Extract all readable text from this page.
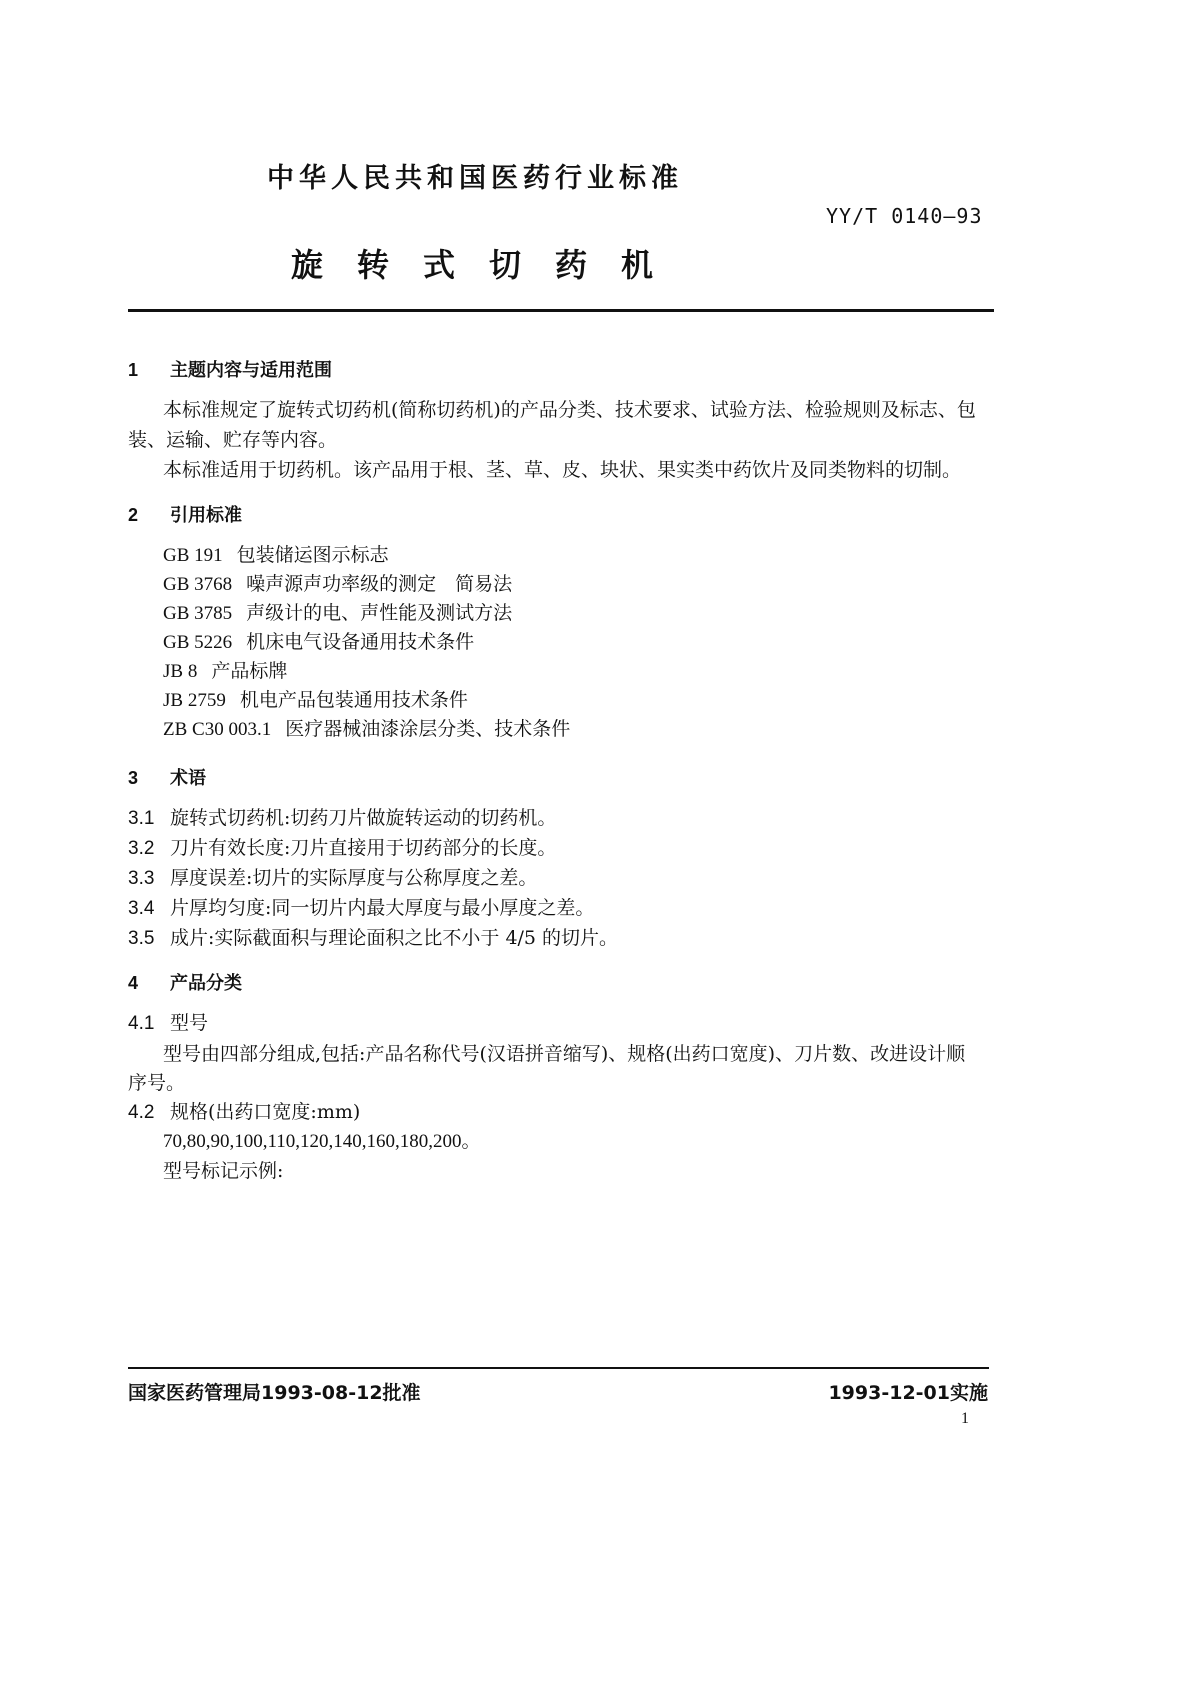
中华人民共和国医药行业标准
YY/T 0140—93
旋转式切药机
1 主题内容与适用范围
本标准规定了旋转式切药机(简称切药机)的产品分类、技术要求、试验方法、检验规则及标志、包
装、运输、贮存等内容。
本标准适用于切药机。该产品用于根、茎、草、皮、块状、果实类中药饮片及同类物料的切制。
2 引用标准
GB 191 包装储运图示标志
GB 3768 噪声源声功率级的测定　简易法
GB 3785 声级计的电、声性能及测试方法
GB 5226 机床电气设备通用技术条件
JB 8 产品标牌
JB 2759 机电产品包装通用技术条件
ZB C30 003.1 医疗器械油漆涂层分类、技术条件
3 术语
3.1 旋转式切药机:切药刀片做旋转运动的切药机。
3.2 刀片有效长度:刀片直接用于切药部分的长度。
3.3 厚度误差:切片的实际厚度与公称厚度之差。
3.4 片厚均匀度:同一切片内最大厚度与最小厚度之差。
3.5 成片:实际截面积与理论面积之比不小于 4/5 的切片。
4 产品分类
4.1 型号
型号由四部分组成,包括:产品名称代号(汉语拼音缩写)、规格(出药口宽度)、刀片数、改进设计顺
序号。
4.2 规格(出药口宽度:mm)
70,80,90,100,110,120,140,160,180,200。
型号标记示例:
国家医药管理局1993-08-12批准	1993-12-01实施
1
